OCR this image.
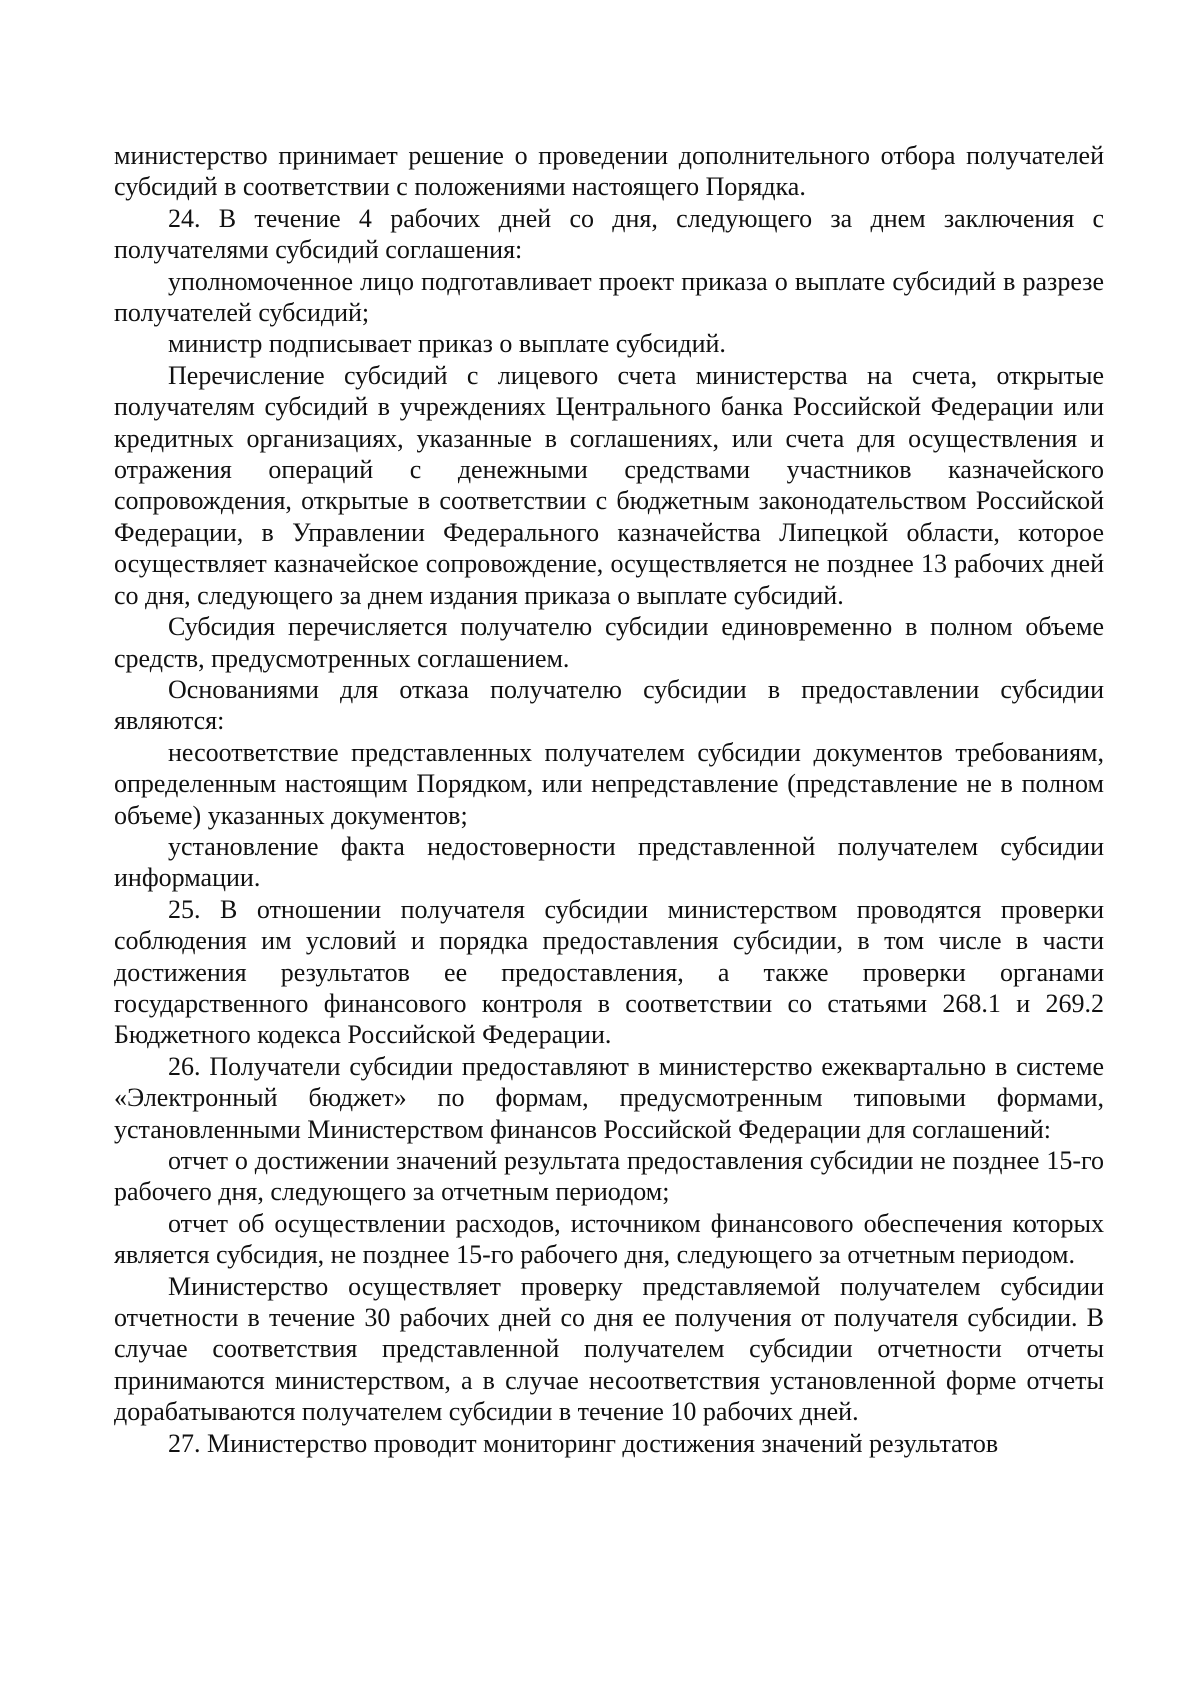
министерство принимает решение о проведении дополнительного отбора получателей субсидий в соответствии с положениями настоящего Порядка.

24. В течение 4 рабочих дней со дня, следующего за днем заключения с получателями субсидий соглашения:

уполномоченное лицо подготавливает проект приказа о выплате субсидий в разрезе получателей субсидий;

министр подписывает приказ о выплате субсидий.

Перечисление субсидий с лицевого счета министерства на счета, открытые получателям субсидий в учреждениях Центрального банка Российской Федерации или кредитных организациях, указанные в соглашениях, или счета для осуществления и отражения операций с денежными средствами участников казначейского сопровождения, открытые в соответствии с бюджетным законодательством Российской Федерации, в Управлении Федерального казначейства Липецкой области, которое осуществляет казначейское сопровождение, осуществляется не позднее 13 рабочих дней со дня, следующего за днем издания приказа о выплате субсидий.

Субсидия перечисляется получателю субсидии единовременно в полном объеме средств, предусмотренных соглашением.

Основаниями для отказа получателю субсидии в предоставлении субсидии являются:

несоответствие представленных получателем субсидии документов требованиям, определенным настоящим Порядком, или непредставление (представление не в полном объеме) указанных документов;

установление факта недостоверности представленной получателем субсидии информации.

25. В отношении получателя субсидии министерством проводятся проверки соблюдения им условий и порядка предоставления субсидии, в том числе в части достижения результатов ее предоставления, а также проверки органами государственного финансового контроля в соответствии со статьями 268.1 и 269.2 Бюджетного кодекса Российской Федерации.

26. Получатели субсидии предоставляют в министерство ежеквартально в системе «Электронный бюджет» по формам, предусмотренным типовыми формами, установленными Министерством финансов Российской Федерации для соглашений:

отчет о достижении значений результата предоставления субсидии не позднее 15-го рабочего дня, следующего за отчетным периодом;

отчет об осуществлении расходов, источником финансового обеспечения которых является субсидия, не позднее 15-го рабочего дня, следующего за отчетным периодом.

Министерство осуществляет проверку представляемой получателем субсидии отчетности в течение 30 рабочих дней со дня ее получения от получателя субсидии. В случае соответствия представленной получателем субсидии отчетности отчеты принимаются министерством, а в случае несоответствия установленной форме отчеты дорабатываются получателем субсидии в течение 10 рабочих дней.

27. Министерство проводит мониторинг достижения значений результатов
